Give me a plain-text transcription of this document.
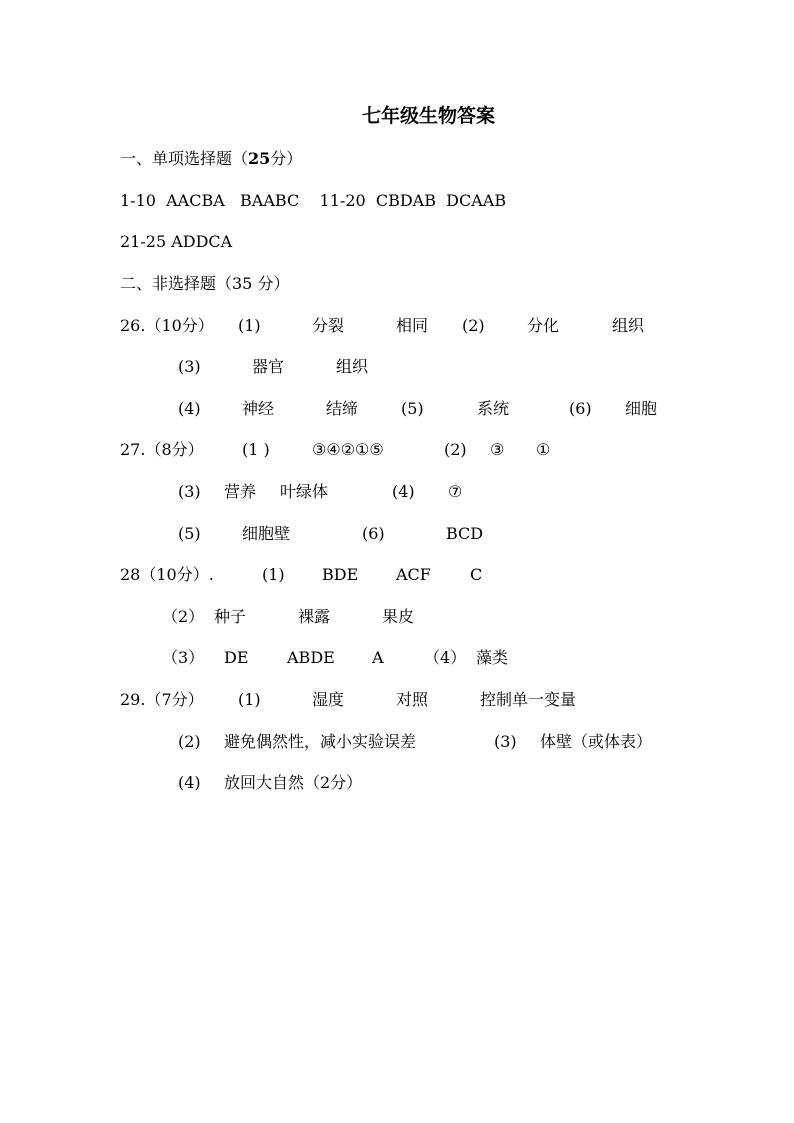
七年级生物答案
一、单项选择题（25分）
1-10  AACBA   BAABC    11-20  CBDAB  DCAAB
21-25 ADDCA
二、非选择题（35 分）
26.（10分） (1)	分裂	相同 (2)	分化	组织
(3)	器官	组织
(4)	神经	结缔	(5)	系统	(6) 细胞
27.（8分） (1 )	③④②①⑤	(2) ③ ①
(3) 营养 叶绿体	(4) ⑦
(5)	细胞壁	(6)	BCD
28（10分）.	(1) BDE ACF C
（2） 种子	裸露	果皮
（3） DE ABDE A	（4） 藻类
29.（7分） (1)	湿度	对照	控制单一变量
(2) 避免偶然性，减小实验误差	(3) 体壁（或体表）
(4) 放回大自然（2分）
